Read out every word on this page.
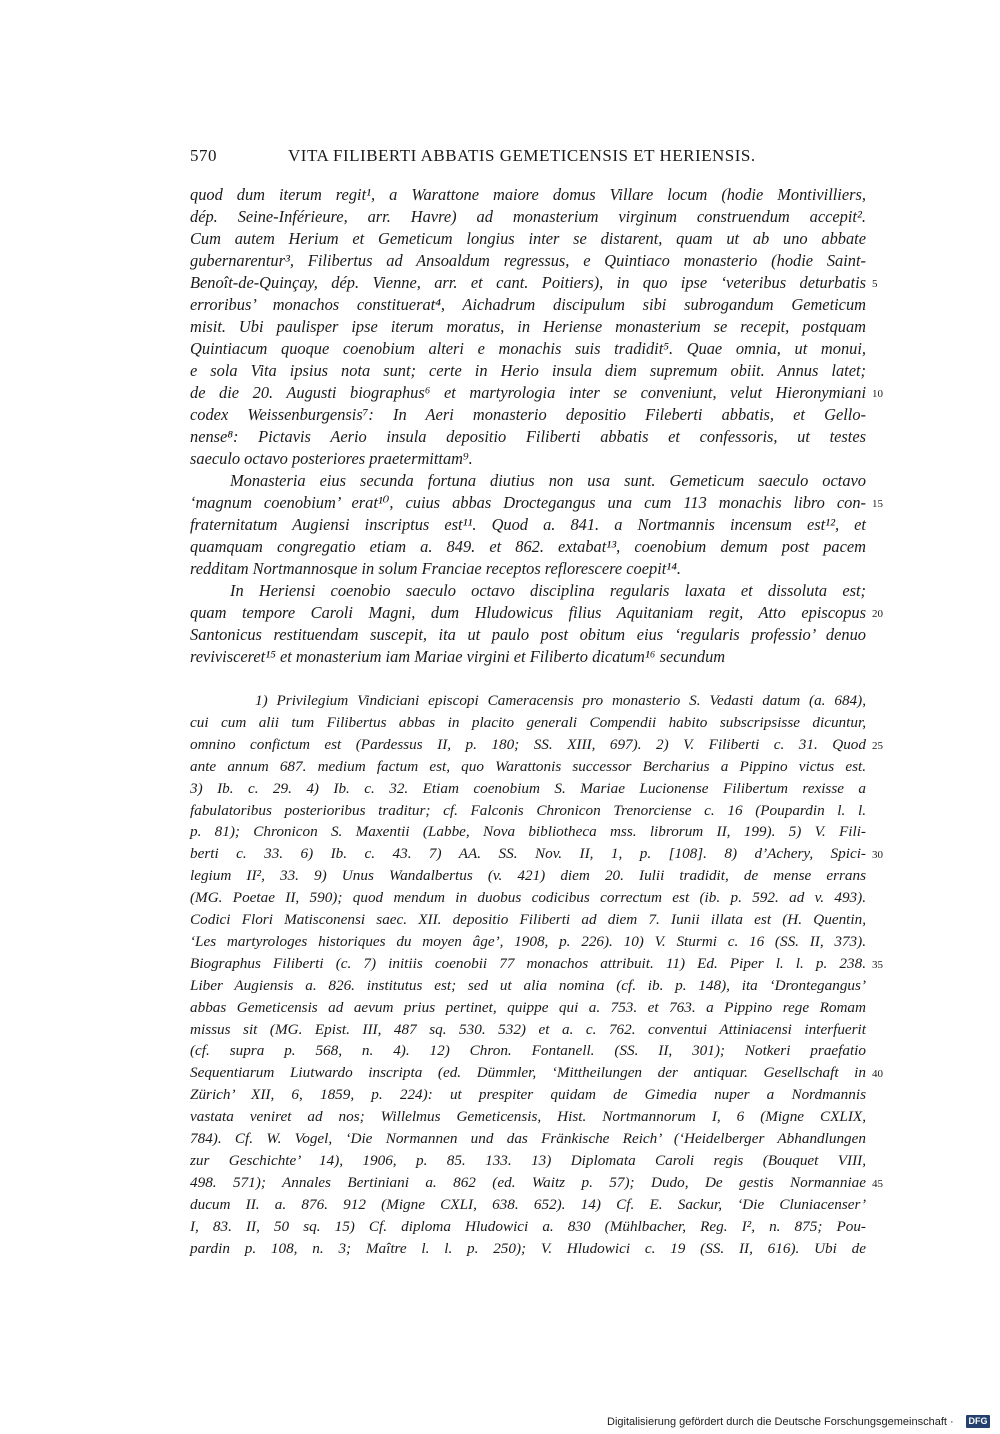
570	VITA FILIBERTI ABBATIS GEMETICENSIS ET HERIENSIS.
quod dum iterum regit¹, a Warattone maiore domus Villare locum (hodie Montivilliers,
dép. Seine-Inférieure, arr. Havre) ad monasterium virginum construendum accepit².
Cum autem Herium et Gemeticum longius inter se distarent, quam ut ab uno abbate
gubernarentur³, Filibertus ad Ansoaldum regressus, e Quintiaco monasterio (hodie Saint-
Benoît-de-Quinçay, dép. Vienne, arr. et cant. Poitiers), in quo ipse ‘veteribus deturbatis
erroribus’ monachos constituerat⁴, Aichadrum discipulum sibi subrogandum Gemeticum
misit. Ubi paulisper ipse iterum moratus, in Heriense monasterium se recepit, postquam
Quintiacum quoque coenobium alteri e monachis suis tradidit⁵. Quae omnia, ut monui,
e sola Vita ipsius nota sunt; certe in Herio insula diem supremum obiit. Annus latet;
de die 20. Augusti biographus⁶ et martyrologia inter se conveniunt, velut Hieronymiani
codex Weissenburgensis⁷: In Aeri monasterio depositio Fileberti abbatis, et Gello-
nense⁸: Pictavis Aerio insula depositio Filiberti abbatis et confessoris, ut testes
saeculo octavo posteriores praetermittam⁹.
Monasteria eius secunda fortuna diutius non usa sunt. Gemeticum saeculo octavo
‘magnum coenobium’ erat¹⁰, cuius abbas Droctegangus una cum 113 monachis libro con-
fraternitatum Augiensi inscriptus est¹¹. Quod a. 841. a Nortmannis incensum est¹², et
quamquam congregatio etiam a. 849. et 862. extabat¹³, coenobium demum post pacem
redditam Nortmannosque in solum Franciae receptos reflorescere coepit¹⁴.
In Heriensi coenobio saeculo octavo disciplina regularis laxata et dissoluta est;
quam tempore Caroli Magni, dum Hludowicus filius Aquitaniam regit, Atto episcopus
Santonicus restituendam suscepit, ita ut paulo post obitum eius ‘regularis professio’ denuo
revivisceret¹⁵ et monasterium iam Mariae virgini et Filiberto dicatum¹⁶ secundum
1) Privilegium Vindiciani episcopi Cameracensis pro monasterio S. Vedasti datum (a. 684),
cui cum alii tum Filibertus abbas in placito generali Compendii habito subscripsisse dicuntur,
omnino confictum est (Pardessus II, p. 180; SS. XIII, 697). 2) V. Filiberti c. 31. Quod
ante annum 687. medium factum est, quo Warattonis successor Bercharius a Pippino victus est.
3) Ib. c. 29. 4) Ib. c. 32. Etiam coenobium S. Mariae Lucionense Filibertum rexisse a
fabulatoribus posterioribus traditur; cf. Falconis Chronicon Trenorciense c. 16 (Poupardin l. l.
p. 81); Chronicon S. Maxentii (Labbe, Nova bibliotheca mss. librorum II, 199). 5) V. Fili-
berti c. 33. 6) Ib. c. 43. 7) AA. SS. Nov. II, 1, p. [108]. 8) d’Achery, Spici-
legium II², 33. 9) Unus Wandalbertus (v. 421) diem 20. Iulii tradidit, de mense errans
(MG. Poetae II, 590); quod mendum in duobus codicibus correctum est (ib. p. 592. ad v. 493).
Codici Flori Matisconensi saec. XII. depositio Filiberti ad diem 7. Iunii illata est (H. Quentin,
‘Les martyrologes historiques du moyen âge’, 1908, p. 226). 10) V. Sturmi c. 16 (SS. II, 373).
Biographus Filiberti (c. 7) initiis coenobii 77 monachos attribuit. 11) Ed. Piper l. l. p. 238.
Liber Augiensis a. 826. institutus est; sed ut alia nomina (cf. ib. p. 148), ita ‘Drontegangus’
abbas Gemeticensis ad aevum prius pertinet, quippe qui a. 753. et 763. a Pippino rege Romam
missus sit (MG. Epist. III, 487 sq. 530. 532) et a. c. 762. conventui Attiniacensi interfuerit
(cf. supra p. 568, n. 4). 12) Chron. Fontanell. (SS. II, 301); Notkeri praefatio
Sequentiarum Liutwardo inscripta (ed. Dümmler, ‘Mittheilungen der antiquar. Gesellschaft in
Zürich’ XII, 6, 1859, p. 224): ut prespiter quidam de Gimedia nuper a Nordmannis
vastata veniret ad nos; Willelmus Gemeticensis, Hist. Nortmannorum I, 6 (Migne CXLIX,
784). Cf. W. Vogel, ‘Die Normannen und das Fränkische Reich’ (‘Heidelberger Abhandlungen
zur Geschichte’ 14), 1906, p. 85. 133. 13) Diplomata Caroli regis (Bouquet VIII,
498. 571); Annales Bertiniani a. 862 (ed. Waitz p. 57); Dudo, De gestis Normanniae
ducum II. a. 876. 912 (Migne CXLI, 638. 652). 14) Cf. E. Sackur, ‘Die Cluniacenser’
I, 83. II, 50 sq. 15) Cf. diploma Hludowici a. 830 (Mühlbacher, Reg. I², n. 875; Pou-
pardin p. 108, n. 3; Maître l. l. p. 250); V. Hludowici c. 19 (SS. II, 616). Ubi de
5
10
15
20
25
30
35
40
45
Digitalisierung gefördert durch die Deutsche Forschungsgemeinschaft · DFG
